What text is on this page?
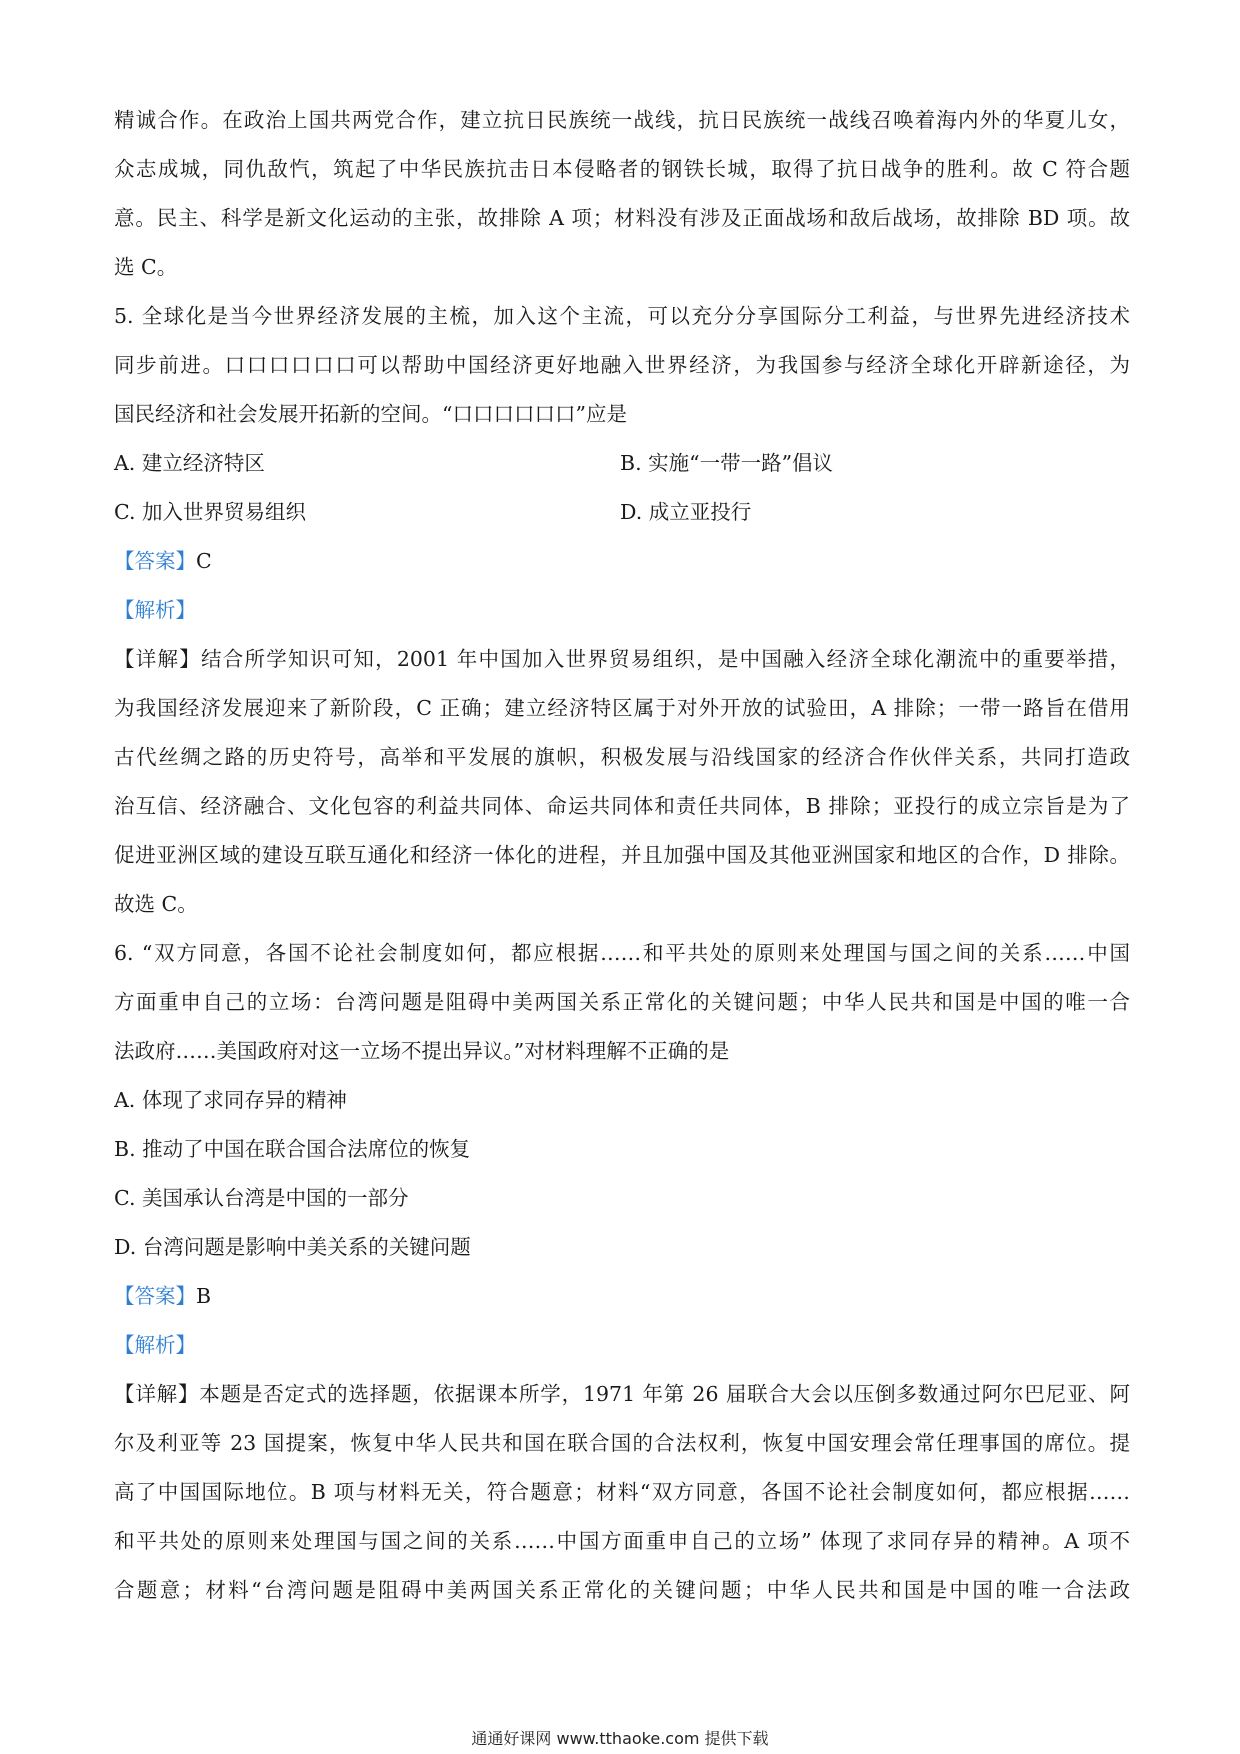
精诚合作。在政治上国共两党合作，建立抗日民族统一战线，抗日民族统一战线召唤着海内外的华夏儿女，
众志成城，同仇敌忾，筑起了中华民族抗击日本侵略者的钢铁长城，取得了抗日战争的胜利。故 C 符合题
意。民主、科学是新文化运动的主张，故排除 A 项；材料没有涉及正面战场和敌后战场，故排除 BD 项。故
选 C。
5. 全球化是当今世界经济发展的主梳，加入这个主流，可以充分分享国际分工利益，与世界先进经济技术
同步前进。口口口口口口可以帮助中国经济更好地融入世界经济，为我国参与经济全球化开辟新途径，为
国民经济和社会发展开拓新的空间。“口口口口口口”应是
A. 建立经济特区	B. 实施“一带一路”倡议
C. 加入世界贸易组织	D. 成立亚投行
【答案】C
【解析】
【详解】结合所学知识可知，2001 年中国加入世界贸易组织，是中国融入经济全球化潮流中的重要举措，
为我国经济发展迎来了新阶段，C 正确；建立经济特区属于对外开放的试验田，A 排除；一带一路旨在借用
古代丝绸之路的历史符号，高举和平发展的旗帜，积极发展与沿线国家的经济合作伙伴关系，共同打造政
治互信、经济融合、文化包容的利益共同体、命运共同体和责任共同体，B 排除；亚投行的成立宗旨是为了
促进亚洲区域的建设互联互通化和经济一体化的进程，并且加强中国及其他亚洲国家和地区的合作，D 排除。
故选 C。
6. “双方同意，各国不论社会制度如何，都应根据……和平共处的原则来处理国与国之间的关系……中国
方面重申自己的立场：台湾问题是阻碍中美两国关系正常化的关键问题；中华人民共和国是中国的唯一合
法政府……美国政府对这一立场不提出异议。”对材料理解不正确的是
A. 体现了求同存异的精神
B. 推动了中国在联合国合法席位的恢复
C. 美国承认台湾是中国的一部分
D. 台湾问题是影响中美关系的关键问题
【答案】B
【解析】
【详解】本题是否定式的选择题，依据课本所学，1971 年第 26 届联合大会以压倒多数通过阿尔巴尼亚、阿
尔及利亚等 23 国提案，恢复中华人民共和国在联合国的合法权利，恢复中国安理会常任理事国的席位。提
高了中国国际地位。B 项与材料无关，符合题意；材料“双方同意，各国不论社会制度如何，都应根据……
和平共处的原则来处理国与国之间的关系……中国方面重申自己的立场” 体现了求同存异的精神。A 项不
合题意；材料“台湾问题是阻碍中美两国关系正常化的关键问题；中华人民共和国是中国的唯一合法政
通通好课网 www.tthaoke.com 提供下载
